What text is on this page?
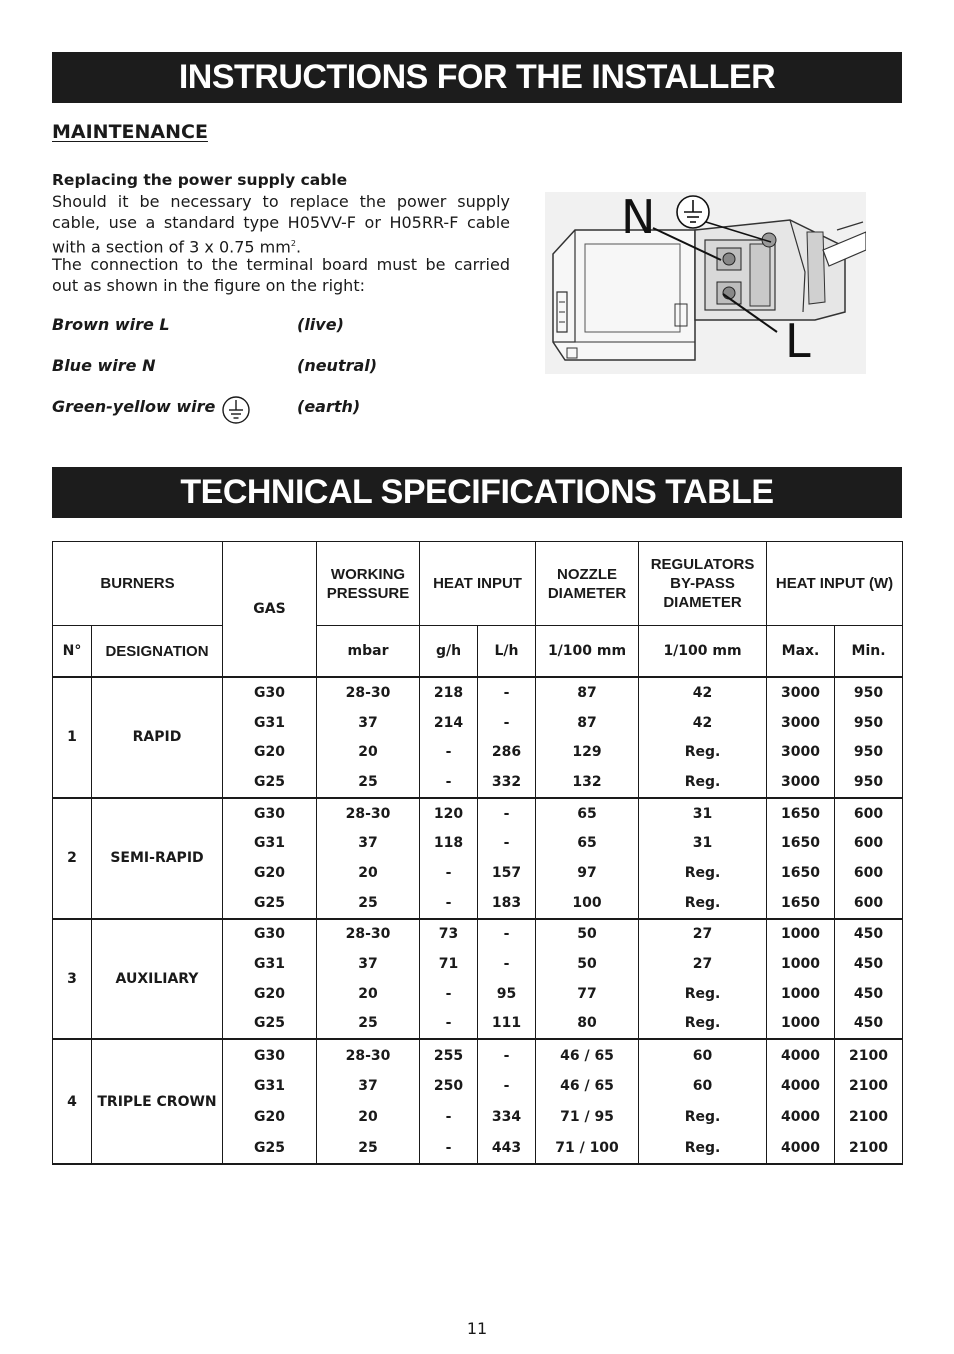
INSTRUCTIONS FOR THE INSTALLER
MAINTENANCE
Replacing the power supply cable
Should it be necessary to replace the power supply
cable, use a standard type H05VV-F or H05RR-F cable
with a section of 3 x 0.75 $mm^2$.
The connection to the terminal board must be carried
out as shown in the figure on the right:
Brown wire L	(live)
Blue wire N	(neutral)
Green-yellow wire	(earth)
N
L
TECHNICAL SPECIFICATIONS TABLE
BURNERS		GAS	WORKING PRESSURE	HEAT INPUT		NOZZLE DIAMETER	REGULATORS BY-PASS DIAMETER	HEAT INPUT (W)	
N°	DESIGNATION		mbar	g/h	L/h	1/100 mm	1/100 mm	Max.	Min.
1	RAPID	G30	28-30	218	-	87	42	3000	950
		G31	37	214	-	87	42	3000	950
		G20	20	-	286	129	Reg.	3000	950
		G25	25	-	332	132	Reg.	3000	950
2	SEMI-RAPID	G30	28-30	120	-	65	31	1650	600
		G31	37	118	-	65	31	1650	600
		G20	20	-	157	97	Reg.	1650	600
		G25	25	-	183	100	Reg.	1650	600
3	AUXILIARY	G30	28-30	73	-	50	27	1000	450
		G31	37	71	-	50	27	1000	450
		G20	20	-	95	77	Reg.	1000	450
		G25	25	-	111	80	Reg.	1000	450
4	TRIPLE CROWN	G30	28-30	255	-	46 / 65	60	4000	2100
		G31	37	250	-	46 / 65	60	4000	2100
		G20	20	-	334	71 / 95	Reg.	4000	2100
		G25	25	-	443	71 / 100	Reg.	4000	2100
11
